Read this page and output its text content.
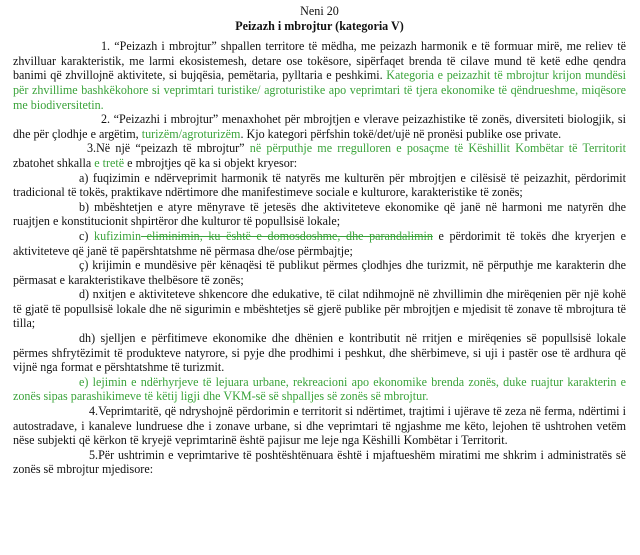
Neni 20
Peizazh i mbrojtur (kategoria V)

1. “Peizazh i mbrojtur” shpallen territore të mëdha, me peizazh harmonik e të formuar mirë, me reliev të zhvilluar karakteristik, me larmi ekosistemesh, detare ose tokësore, sipërfaqet brenda të cilave mund të ketë edhe qendra banimi që zhvillojnë aktivitete, si bujqësia, pemëtaria, pylltaria e peshkimi. Kategoria e peizazhit të mbrojtur krijon mundësi për zhvillime bashkëkohore si veprimtari turistike/ agroturistike apo veprimtari të tjera ekonomike të qëndrueshme, miqësore me biodiversitetin.

2. “Peizazhi i mbrojtur” menaxhohet për mbrojtjen e vlerave peizazhistike të zonës, diversiteti biologjik, si dhe për çlodhje e argëtim, turizëm/agroturizëm. Kjo kategori përfshin tokë/det/ujë në pronësi publike ose private.

3.Në një “peizazh të mbrojtur” në përputhje me rregulloren e posaçme të Këshillit Kombëtar të Territorit zbatohet shkalla e tretë e mbrojtjes që ka si objekt kryesor:

a) fuqizimin e ndërveprimit harmonik të natyrës me kulturën për mbrojtjen e cilësisë të peizazhit, përdorimit tradicional të tokës, praktikave ndërtimore dhe manifestimeve sociale e kulturore, karakteristike të zonës;

b) mbështetjen e atyre mënyrave të jetesës dhe aktiviteteve ekonomike që janë në harmoni me natyrën dhe ruajtjen e konstitucionit shpirtëror dhe kulturor të popullsisë lokale;

c) kufizimin eliminimin, ku është e domosdoshme, dhe parandalimin e përdorimit të tokës dhe kryerjen e aktiviteteve që janë të papërshtatshme në përmasa dhe/ose përmbajtje;

ç) krijimin e mundësive për kënaqësi të publikut përmes çlodhjes dhe turizmit, në përputhje me karakterin dhe përmasat e karakteristikave thelbësore të zonës;

d) nxitjen e aktiviteteve shkencore dhe edukative, të cilat ndihmojnë në zhvillimin dhe mirëqenien për një kohë të gjatë të popullsisë lokale dhe në sigurimin e mbështetjes së gjerë publike për mbrojtjen e mjedisit të zonave të mbrojtura të tilla;

dh) sjelljen e përfitimeve ekonomike dhe dhënien e kontributit në rritjen e mirëqenies së popullsisë lokale përmes shfrytëzimit të produkteve natyrore, si pyje dhe prodhimi i peshkut, dhe shërbimeve, si uji i pastër ose të ardhura që vijnë nga format e përshtatshme të turizmit.

e) lejimin e ndërhyrjeve të lejuara urbane, rekreacioni apo ekonomike brenda zonës, duke ruajtur karakterin e zonës sipas parashikimeve të këtij ligji dhe VKM-së së shpalljes së zonës së mbrojtur.

4.Veprimtaritë, që ndryshojnë përdorimin e territorit si ndërtimet, trajtimi i ujërave të zeza në ferma, ndërtimi i autostradave, i kanaleve lundruese dhe i zonave urbane, si dhe veprimtari të ngjashme me këto, lejohen të ushtrohen vetëm nëse subjekti që kërkon të kryejë veprimtarinë është pajisur me leje nga Këshilli Kombëtar i Territorit.

5.Për ushtrimin e veprimtarive të poshtështënuara është i mjaftueshëm miratimi me shkrim i administratës së zonës së mbrojtur mjedisore:
